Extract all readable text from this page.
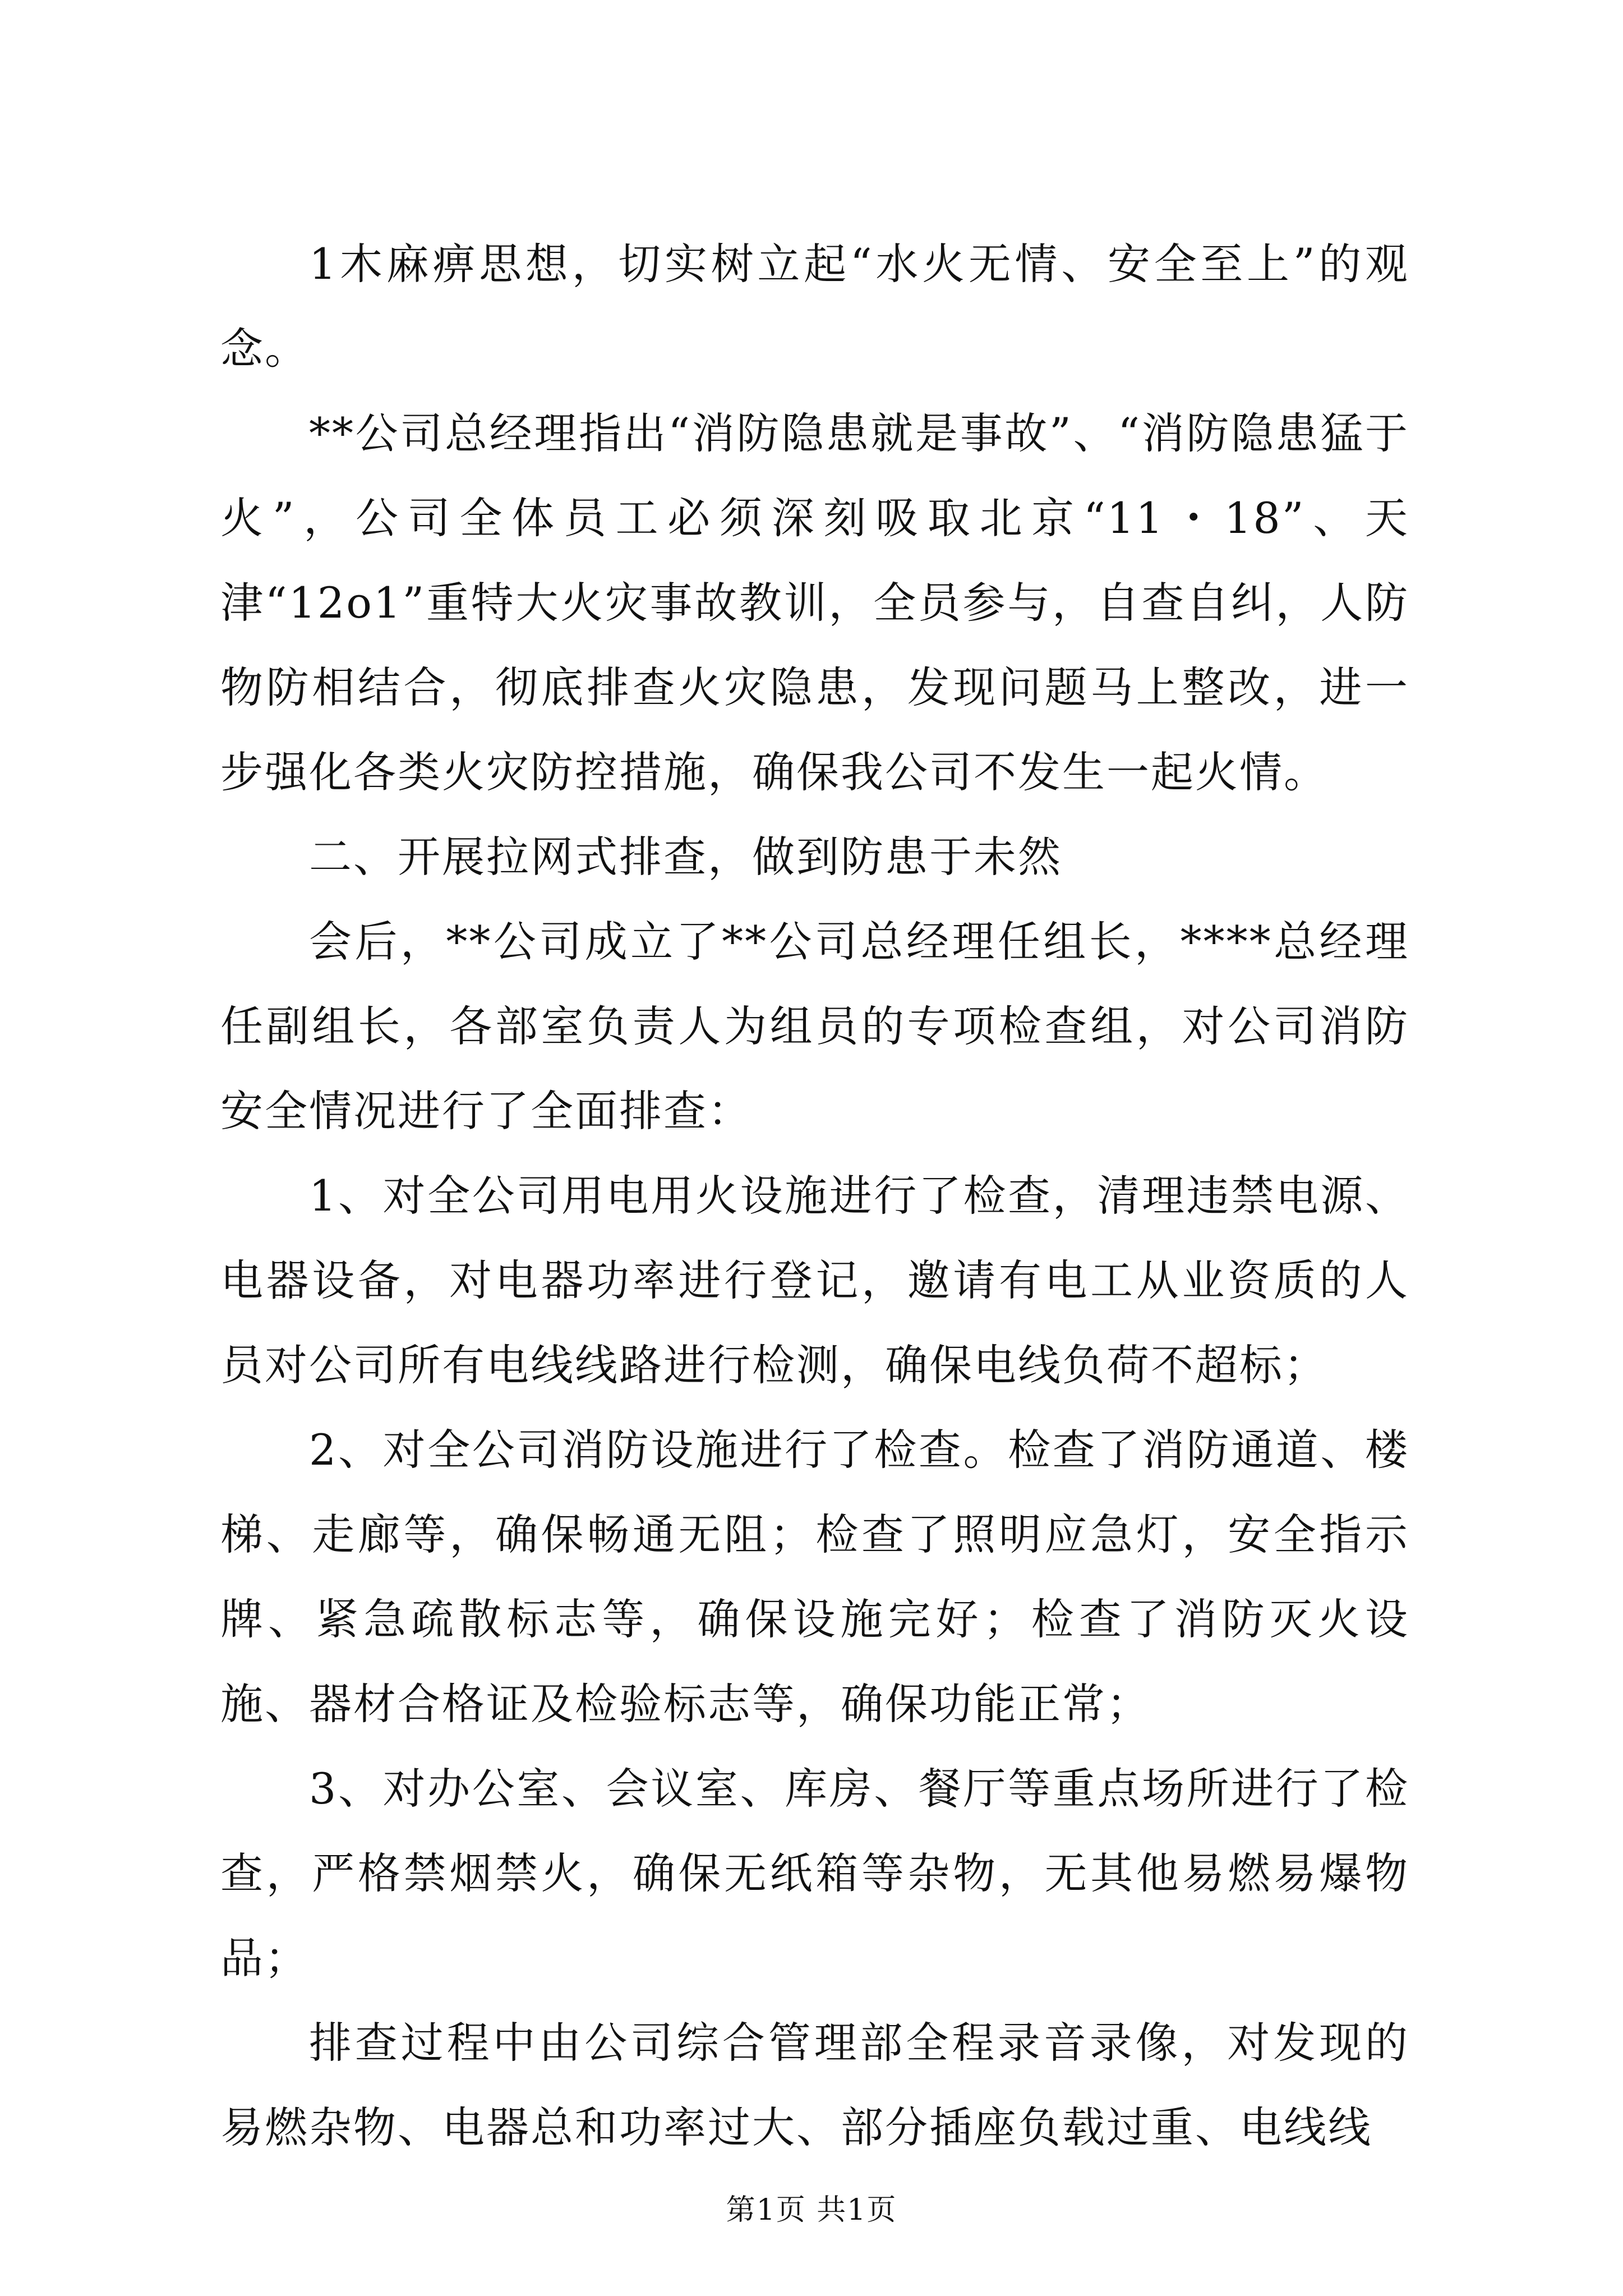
1木麻痹思想，切实树立起“水火无情、安全至上”的观念。

**公司总经理指出“消防隐患就是事故”、“消防隐患猛于火”，公司全体员工必须深刻吸取北京“11・18”、天津“12o1”重特大火灾事故教训，全员参与，自查自纠，人防物防相结合，彻底排查火灾隐患，发现问题马上整改，进一步强化各类火灾防控措施，确保我公司不发生一起火情。

二、开展拉网式排查，做到防患于未然

会后，**公司成立了**公司总经理任组长，****总经理任副组长，各部室负责人为组员的专项检查组，对公司消防安全情况进行了全面排查：

1、对全公司用电用火设施进行了检查，清理违禁电源、电器设备，对电器功率进行登记，邀请有电工从业资质的人员对公司所有电线线路进行检测，确保电线负荷不超标；

2、对全公司消防设施进行了检查。检查了消防通道、楼梯、走廊等，确保畅通无阻；检查了照明应急灯，安全指示牌、紧急疏散标志等，确保设施完好；检查了消防灭火设施、器材合格证及检验标志等，确保功能正常；

3、对办公室、会议室、库房、餐厅等重点场所进行了检查，严格禁烟禁火，确保无纸箱等杂物，无其他易燃易爆物品；

排查过程中由公司综合管理部全程录音录像，对发现的易燃杂物、电器总和功率过大、部分插座负载过重、电线线

第1页 共1页
